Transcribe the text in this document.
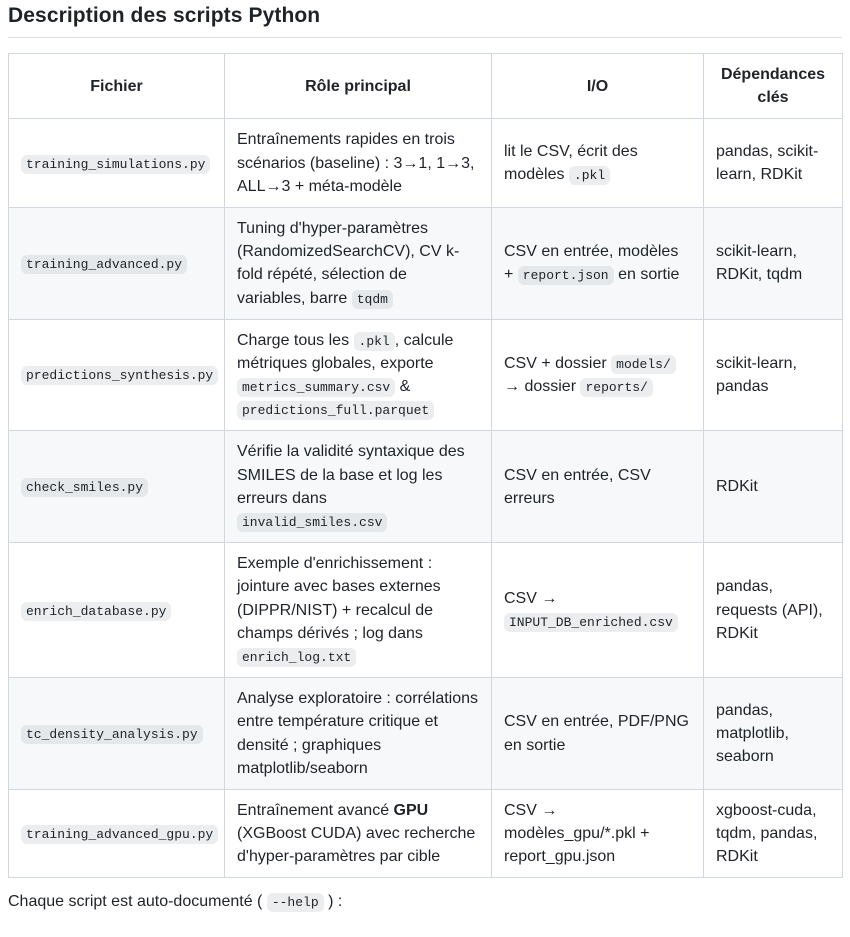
Description des scripts Python
Fichier	Rôle principal	I/O	Dépendances clés
training_simulations.py	Entraînements rapides en trois scénarios (baseline) : 3→1, 1→3, ALL→3 + méta-modèle	lit le CSV, écrit des modèles .pkl	pandas, scikit-learn, RDKit
training_advanced.py	Tuning d'hyper-paramètres (RandomizedSearchCV), CV k-fold répété, sélection de variables, barre tqdm	CSV en entrée, modèles + report.json en sortie	scikit-learn, RDKit, tqdm
predictions_synthesis.py	Charge tous les .pkl , calcule métriques globales, exporte metrics_summary.csv & predictions_full.parquet	CSV + dossier models/ → dossier reports/	scikit-learn, pandas
check_smiles.py	Vérifie la validité syntaxique des SMILES de la base et log les erreurs dans invalid_smiles.csv	CSV en entrée, CSV erreurs	RDKit
enrich_database.py	Exemple d'enrichissement : jointure avec bases externes (DIPPR/NIST) + recalcul de champs dérivés ; log dans enrich_log.txt	CSV → INPUT_DB_enriched.csv	pandas, requests (API), RDKit
tc_density_analysis.py	Analyse exploratoire : corrélations entre température critique et densité ; graphiques matplotlib/seaborn	CSV en entrée, PDF/PNG en sortie	pandas, matplotlib, seaborn
training_advanced_gpu.py	Entraînement avancé GPU (XGBoost CUDA) avec recherche d'hyper-paramètres par cible	CSV → modèles_gpu/*.pkl + report_gpu.json	xgboost-cuda, tqdm, pandas, RDKit

Chaque script est auto-documenté ( --help ) :
